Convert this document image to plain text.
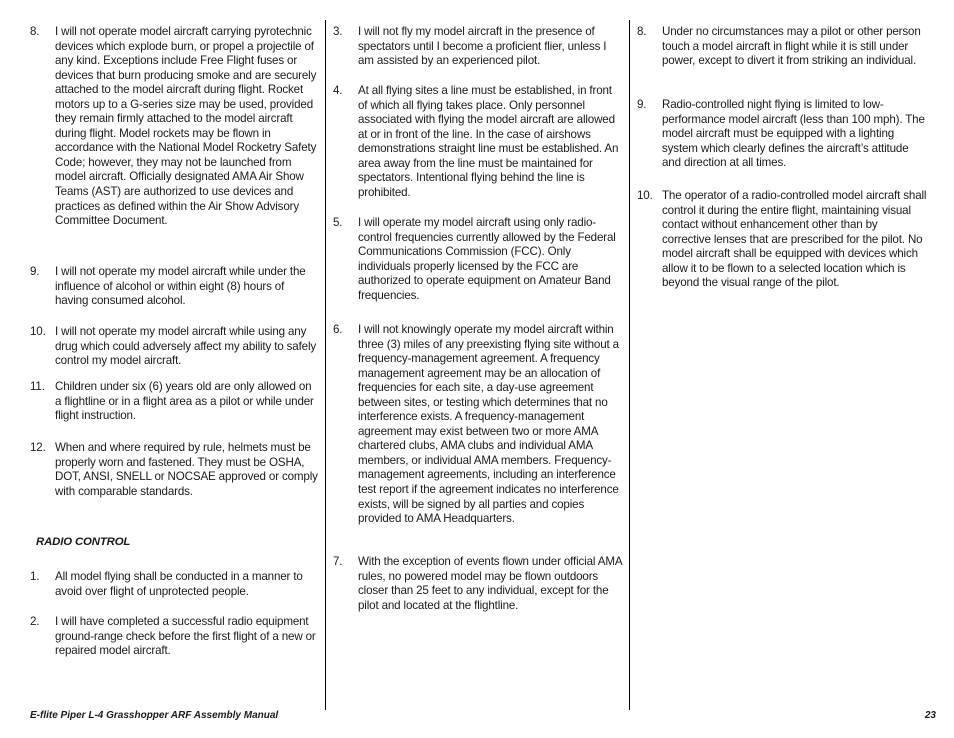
8. I will not operate model aircraft carrying pyrotechnic devices which explode burn, or propel a projectile of any kind. Exceptions include Free Flight fuses or devices that burn producing smoke and are securely attached to the model aircraft during flight. Rocket motors up to a G-series size may be used, provided they remain firmly attached to the model aircraft during flight. Model rockets may be flown in accordance with the National Model Rocketry Safety Code; however, they may not be launched from model aircraft. Officially designated AMA Air Show Teams (AST) are authorized to use devices and practices as defined within the Air Show Advisory Committee Document.
9. I will not operate my model aircraft while under the influence of alcohol or within eight (8) hours of having consumed alcohol.
10. I will not operate my model aircraft while using any drug which could adversely affect my ability to safely control my model aircraft.
11. Children under six (6) years old are only allowed on a flightline or in a flight area as a pilot or while under flight instruction.
12. When and where required by rule, helmets must be properly worn and fastened. They must be OSHA, DOT, ANSI, SNELL or NOCSAE approved or comply with comparable standards.
RADIO CONTROL
1. All model flying shall be conducted in a manner to avoid over flight of unprotected people.
2. I will have completed a successful radio equipment ground-range check before the first flight of a new or repaired model aircraft.
3. I will not fly my model aircraft in the presence of spectators until I become a proficient flier, unless I am assisted by an experienced pilot.
4. At all flying sites a line must be established, in front of which all flying takes place. Only personnel associated with flying the model aircraft are allowed at or in front of the line. In the case of airshows demonstrations straight line must be established. An area away from the line must be maintained for spectators. Intentional flying behind the line is prohibited.
5. I will operate my model aircraft using only radio-control frequencies currently allowed by the Federal Communications Commission (FCC). Only individuals properly licensed by the FCC are authorized to operate equipment on Amateur Band frequencies.
6. I will not knowingly operate my model aircraft within three (3) miles of any preexisting flying site without a frequency-management agreement. A frequency management agreement may be an allocation of frequencies for each site, a day-use agreement between sites, or testing which determines that no interference exists. A frequency-management agreement may exist between two or more AMA chartered clubs, AMA clubs and individual AMA members, or individual AMA members. Frequency-management agreements, including an interference test report if the agreement indicates no interference exists, will be signed by all parties and copies provided to AMA Headquarters.
7. With the exception of events flown under official AMA rules, no powered model may be flown outdoors closer than 25 feet to any individual, except for the pilot and located at the flightline.
8. Under no circumstances may a pilot or other person touch a model aircraft in flight while it is still under power, except to divert it from striking an individual.
9. Radio-controlled night flying is limited to low-performance model aircraft (less than 100 mph). The model aircraft must be equipped with a lighting system which clearly defines the aircraft’s attitude and direction at all times.
10. The operator of a radio-controlled model aircraft shall control it during the entire flight, maintaining visual contact without enhancement other than by corrective lenses that are prescribed for the pilot. No model aircraft shall be equipped with devices which allow it to be flown to a selected location which is beyond the visual range of the pilot.
E-flite Piper L-4 Grasshopper ARF Assembly Manual	23
